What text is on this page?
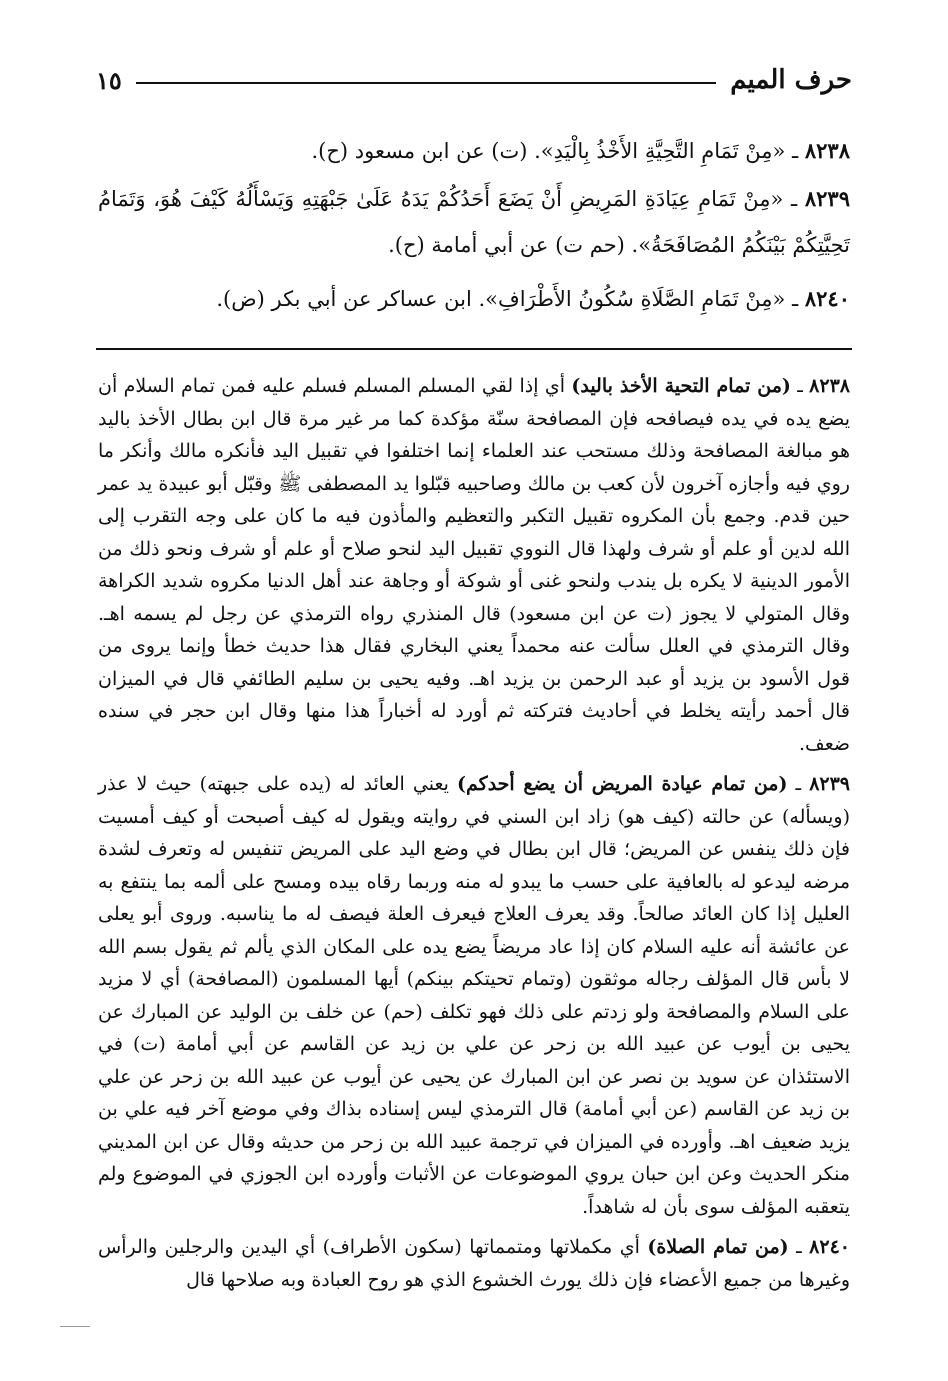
حرف الميم
١٥
٨٢٣٨ ـ «مِنْ تَمَامِ التَّحِيَّةِ الأَخْذُ بِالْيَدِ». (ت) عن ابن مسعود (ح).
٨٢٣٩ ـ «مِنْ تَمَامِ عِيَادَةِ المَرِيضِ أَنْ يَضَعَ أَحَدُكُمْ يَدَهُ عَلَىٰ جَبْهَتِهِ وَيَسْأَلُهُ كَيْفَ هُوَ، وَتَمَامُ تَحِيَّتِكُمْ بَيْنَكُمُ المُصَافَحَةُ». (حم ت) عن أبي أمامة (ح).
٨٢٤٠ ـ «مِنْ تَمَامِ الصَّلَاةِ سُكُونُ الأَطْرَافِ». ابن عساكر عن أبي بكر (ض).

٨٢٣٨ ـ (من تمام التحية الأخذ باليد) أي إذا لقي المسلم المسلم فسلم عليه فمن تمام السلام أن يضع يده في يده فيصافحه فإن المصافحة سنّة مؤكدة كما مر غير مرة قال ابن بطال الأخذ باليد هو مبالغة المصافحة وذلك مستحب عند العلماء إنما اختلفوا في تقبيل اليد فأنكره مالك وأنكر ما روي فيه وأجازه آخرون لأن كعب بن مالك وصاحبيه قبّلوا يد المصطفى ﷺ وقبّل أبو عبيدة يد عمر حين قدم. وجمع بأن المكروه تقبيل التكبر والتعظيم والمأذون فيه ما كان على وجه التقرب إلى الله لدين أو علم أو شرف ولهذا قال النووي تقبيل اليد لنحو صلاح أو علم أو شرف ونحو ذلك من الأمور الدينية لا يكره بل يندب ولنحو غنى أو شوكة أو وجاهة عند أهل الدنيا مكروه شديد الكراهة وقال المتولي لا يجوز (ت عن ابن مسعود) قال المنذري رواه الترمذي عن رجل لم يسمه اهـ. وقال الترمذي في العلل سألت عنه محمداً يعني البخاري فقال هذا حديث خطأ وإنما يروى من قول الأسود بن يزيد أو عبد الرحمن بن يزيد اهـ. وفيه يحيى بن سليم الطائفي قال في الميزان قال أحمد رأيته يخلط في أحاديث فتركته ثم أورد له أخباراً هذا منها وقال ابن حجر في سنده ضعف.

٨٢٣٩ ـ (من تمام عيادة المريض أن يضع أحدكم) يعني العائد له (يده على جبهته) حيث لا عذر (ويسأله) عن حالته (كيف هو) زاد ابن السني في روايته ويقول له كيف أصبحت أو كيف أمسيت فإن ذلك ينفس عن المريض؛ قال ابن بطال في وضع اليد على المريض تنفيس له وتعرف لشدة مرضه ليدعو له بالعافية على حسب ما يبدو له منه وربما رقاه بيده ومسح على ألمه بما ينتفع به العليل إذا كان العائد صالحاً. وقد يعرف العلاج فيعرف العلة فيصف له ما يناسبه. وروى أبو يعلى عن عائشة أنه عليه السلام كان إذا عاد مريضاً يضع يده على المكان الذي يألم ثم يقول بسم الله لا بأس قال المؤلف رجاله موثقون (وتمام تحيتكم بينكم) أيها المسلمون (المصافحة) أي لا مزيد على السلام والمصافحة ولو زدتم على ذلك فهو تكلف (حم) عن خلف بن الوليد عن المبارك عن يحيى بن أيوب عن عبيد الله بن زحر عن علي بن زيد عن القاسم عن أبي أمامة (ت) في الاستئذان عن سويد بن نصر عن ابن المبارك عن يحيى عن أيوب عن عبيد الله بن زحر عن علي بن زيد عن القاسم (عن أبي أمامة) قال الترمذي ليس إسناده بذاك وفي موضع آخر فيه علي بن يزيد ضعيف اهـ. وأورده في الميزان في ترجمة عبيد الله بن زحر من حديثه وقال عن ابن المديني منكر الحديث وعن ابن حبان يروي الموضوعات عن الأثبات وأورده ابن الجوزي في الموضوع ولم يتعقبه المؤلف سوى بأن له شاهداً.

٨٢٤٠ ـ (من تمام الصلاة) أي مكملاتها ومتمماتها (سكون الأطراف) أي اليدين والرجلين والرأس وغيرها من جميع الأعضاء فإن ذلك يورث الخشوع الذي هو روح العبادة وبه صلاحها قال
